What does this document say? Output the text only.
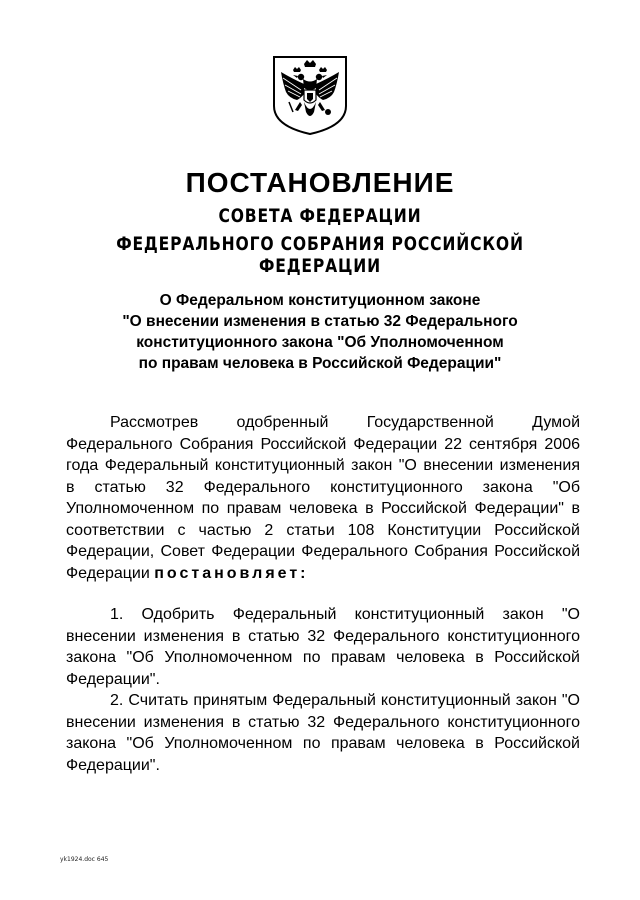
ПОСТАНОВЛЕНИЕ

СОВЕТА ФЕДЕРАЦИИ

ФЕДЕРАЛЬНОГО СОБРАНИЯ РОССИЙСКОЙ ФЕДЕРАЦИИ

О Федеральном конституционном законе
"О внесении изменения в статью 32 Федерального
конституционного закона "Об Уполномоченном
по правам человека в Российской Федерации"

Рассмотрев одобренный Государственной Думой Федерального Собрания Российской Федерации 22 сентября 2006 года Федеральный конституционный закон "О внесении изменения в статью 32 Федерального конституционного закона "Об Уполномоченном по правам человека в Российской Федерации" в соответствии с частью 2 статьи 108 Конституции Российской Федерации, Совет Федерации Федерального Собрания Российской Федерации постановляет:

1. Одобрить Федеральный конституционный закон "О внесении изменения в статью 32 Федерального конституционного закона "Об Уполномоченном по правам человека в Российской Федерации".

2. Считать принятым Федеральный конституционный закон "О внесении изменения в статью 32 Федерального конституционного закона "Об Уполномоченном по правам человека в Российской Федерации".

yk1924.doc 645
